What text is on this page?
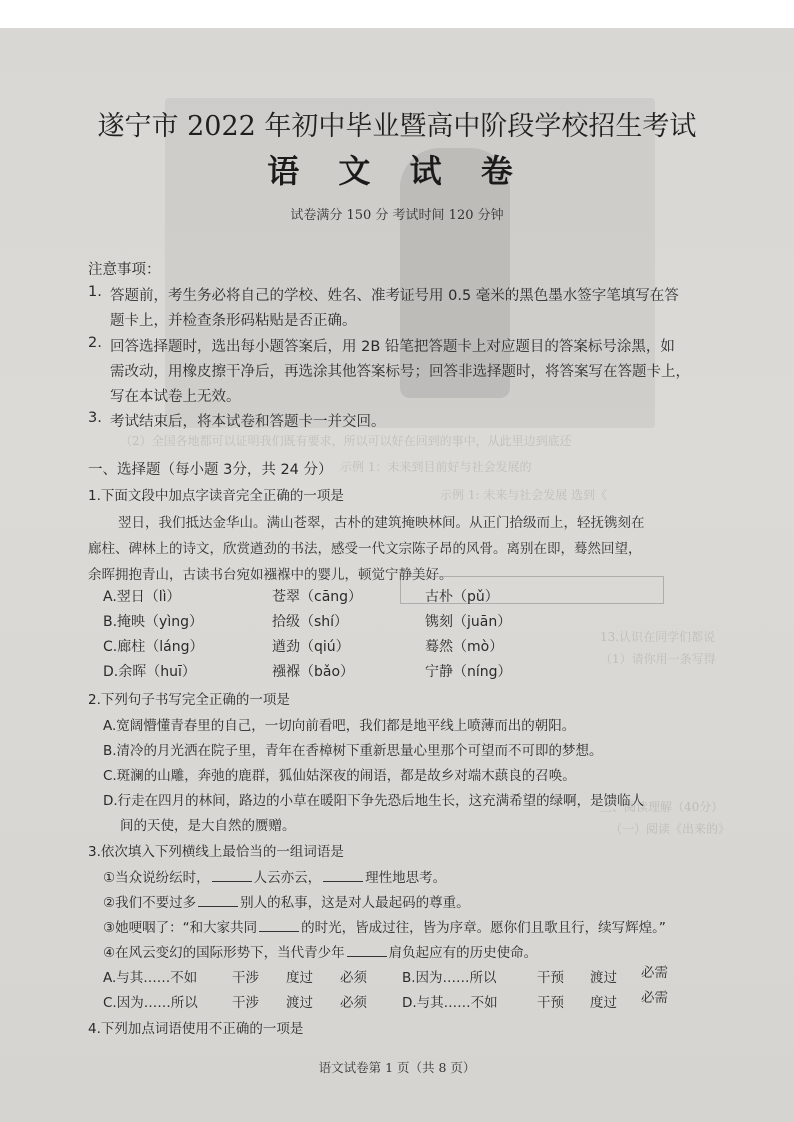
（2）全国各地都可以证明我们既有要求，所以可以好在回到的事中，从此里边到底还
示例 1：未来到目前好与社会发展的
示例 1: 未来与社会发展 选到《
13.认识在同学们都说
（1）请你用一条写得
三、阅读理解（40分）
（一）阅读《出来的》
遂宁市 2022 年初中毕业暨高中阶段学校招生考试
语 文 试 卷
试卷满分 150 分 考试时间 120 分钟
注意事项：
1. 答题前，考生务必将自己的学校、姓名、准考证号用 0.5 毫米的黑色墨水签字笔填写在答
题卡上，并检查条形码粘贴是否正确。
2. 回答选择题时，选出每小题答案后，用 2B 铅笔把答题卡上对应题目的答案标号涂黑，如
需改动，用橡皮擦干净后，再选涂其他答案标号；回答非选择题时，将答案写在答题卡上，
写在本试卷上无效。
3. 考试结束后，将本试卷和答题卡一并交回。
一、选择题（每小题 3分，共 24 分）
1.下面文段中加点字读音完全正确的一项是
翌日，我们抵达金华山。满山苍翠，古朴的建筑掩映林间。从正门拾级而上，轻抚镌刻在
廊柱、碑林上的诗文，欣赏遒劲的书法，感受一代文宗陈子昂的风骨。离别在即，蓦然回望，
余晖拥抱青山，古读书台宛如襁褓中的婴儿，顿觉宁静美好。
A.翌日（lì）	苍翠（cāng）	古朴（pǔ）
B.掩映（yìng）	拾级（shí）	镌刻（juān）
C.廊柱（láng）	遒劲（qiú）	蓦然（mò）
D.余晖（huī）	襁褓（bǎo）	宁静（níng）
2.下列句子书写完全正确的一项是
A.宽阔懵懂青春里的自己，一切向前看吧，我们都是地平线上喷薄而出的朝阳。
B.清冷的月光洒在院子里，青年在香樟树下重新思量心里那个可望而不可即的梦想。
C.斑澜的山雕，奔弛的鹿群，狐仙姑深夜的闹语，都是故乡对端木蕻良的召唤。
D.行走在四月的林间，路边的小草在暖阳下争先恐后地生长，这充满希望的绿啊，是馈临人
间的天使，是大自然的赝赠。
3.依次填入下列横线上最恰当的一组词语是
①当众说纷纭时，	人云亦云，	理性地思考。
②我们不要过多	别人的私事，这是对人最起码的尊重。
③她哽咽了：“和大家共同	的时光，皆成过往，皆为序章。愿你们且歌且行，续写辉煌。”
④在风云变幻的国际形势下，当代青少年	肩负起应有的历史使命。
A.与其……不如	干涉 度过 必须	B.因为……所以	干预 渡过 必需
C.因为……所以	干涉 渡过 必须	D.与其……不如	干预 度过 必需
4.下列加点词语使用不正确的一项是
语文试卷第 1 页（共 8 页）
